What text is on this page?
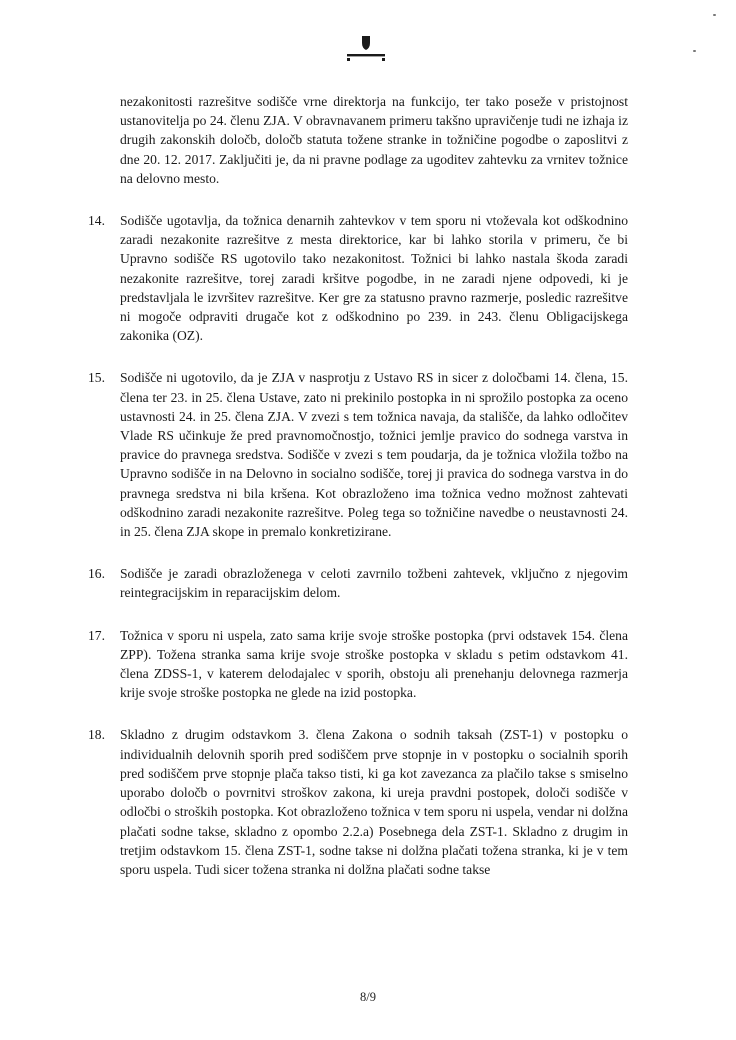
nezakonitosti razrešitve sodišče vrne direktorja na funkcijo, ter tako poseže v pristojnost ustanovitelja po 24. členu ZJA. V obravnavanem primeru takšno upravičenje tudi ne izhaja iz drugih zakonskih določb, določb statuta tožene stranke in tožničine pogodbe o zaposlitvi z dne 20. 12. 2017. Zaključiti je, da ni pravne podlage za ugoditev zahtevku za vrnitev tožnice na delovno mesto.

14.	Sodišče ugotavlja, da tožnica denarnih zahtevkov v tem sporu ni vtoževala kot odškodnino zaradi nezakonite razrešitve z mesta direktorice, kar bi lahko storila v primeru, če bi Upravno sodišče RS ugotovilo tako nezakonitost. Tožnici bi lahko nastala škoda zaradi nezakonite razrešitve, torej zaradi kršitve pogodbe, in ne zaradi njene odpovedi, ki je predstavljala le izvršitev razrešitve. Ker gre za statusno pravno razmerje, posledic razrešitve ni mogoče odpraviti drugače kot z odškodnino po 239. in 243. členu Obligacijskega zakonika (OZ).

15.	Sodišče ni ugotovilo, da je ZJA v nasprotju z Ustavo RS in sicer z določbami 14. člena, 15. člena ter 23. in 25. člena Ustave, zato ni prekinilo postopka in ni sprožilo postopka za oceno ustavnosti 24. in 25. člena ZJA. V zvezi s tem tožnica navaja, da stališče, da lahko odločitev Vlade RS učinkuje že pred pravnomočnostjo, tožnici jemlje pravico do sodnega varstva in pravice do pravnega sredstva. Sodišče v zvezi s tem poudarja, da je tožnica vložila tožbo na Upravno sodišče in na Delovno in socialno sodišče, torej ji pravica do sodnega varstva in do pravnega sredstva ni bila kršena. Kot obrazloženo ima tožnica vedno možnost zahtevati odškodnino zaradi nezakonite razrešitve. Poleg tega so tožničine navedbe o neustavnosti 24. in 25. člena ZJA skope in premalo konkretizirane.

16.	Sodišče je zaradi obrazloženega v celoti zavrnilo tožbeni zahtevek, vključno z njegovim reintegracijskim in reparacijskim delom.

17.	Tožnica v sporu ni uspela, zato sama krije svoje stroške postopka (prvi odstavek 154. člena ZPP). Tožena stranka sama krije svoje stroške postopka v skladu s petim odstavkom 41. člena ZDSS-1, v katerem delodajalec v sporih, obstoju ali prenehanju delovnega razmerja krije svoje stroške postopka ne glede na izid postopka.

18.	Skladno z drugim odstavkom 3. člena Zakona o sodnih taksah (ZST-1) v postopku o individualnih delovnih sporih pred sodiščem prve stopnje in v postopku o socialnih sporih pred sodiščem prve stopnje plača takso tisti, ki ga kot zavezanca za plačilo takse s smiselno uporabo določb o povrnitvi stroškov zakona, ki ureja pravdni postopek, določi sodišče v odločbi o stroških postopka. Kot obrazloženo tožnica v tem sporu ni uspela, vendar ni dolžna plačati sodne takse, skladno z opombo 2.2.a) Posebnega dela ZST-1. Skladno z drugim in tretjim odstavkom 15. člena ZST-1, sodne takse ni dolžna plačati tožena stranka, ki je v tem sporu uspela. Tudi sicer tožena stranka ni dolžna plačati sodne takse

8/9
